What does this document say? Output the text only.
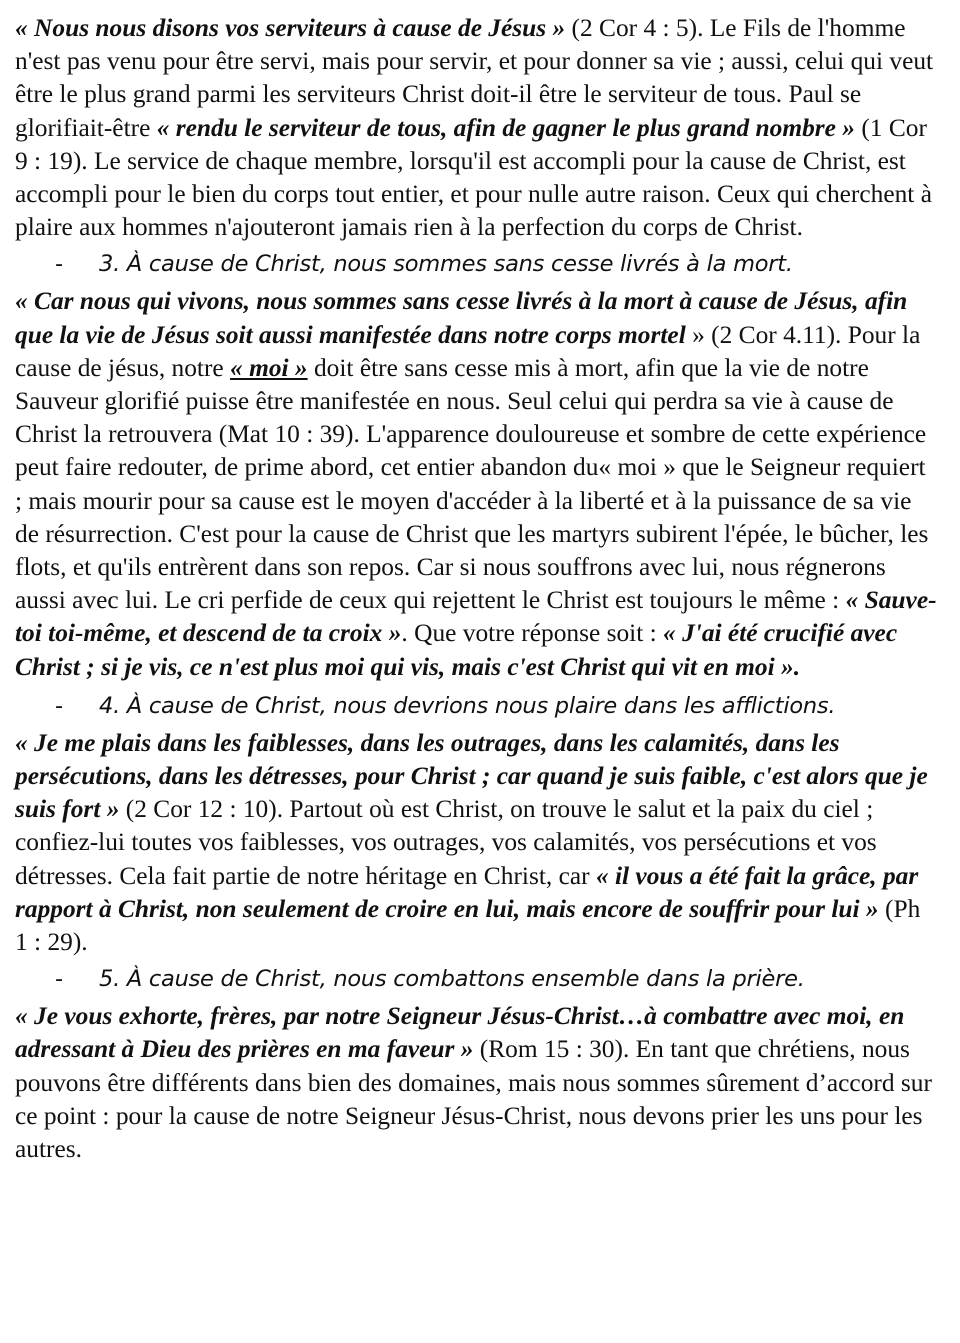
« Nous nous disons vos serviteurs à cause de Jésus » (2 Cor 4 : 5). Le Fils de l'homme n'est pas venu pour être servi, mais pour servir, et pour donner sa vie ; aussi, celui qui veut être le plus grand parmi les serviteurs Christ doit-il être le serviteur de tous. Paul se glorifiait-être « rendu le serviteur de tous, afin de gagner le plus grand nombre » (1 Cor 9 : 19). Le service de chaque membre, lorsqu'il est accompli pour la cause de Christ, est accompli pour le bien du corps tout entier, et pour nulle autre raison. Ceux qui cherchent à plaire aux hommes n'ajouteront jamais rien à la perfection du corps de Christ.

- 3. À cause de Christ, nous sommes sans cesse livrés à la mort.

« Car nous qui vivons, nous sommes sans cesse livrés à la mort à cause de Jésus, afin que la vie de Jésus soit aussi manifestée dans notre corps mortel » (2 Cor 4.11). Pour la cause de jésus, notre « moi » doit être sans cesse mis à mort, afin que la vie de notre Sauveur glorifié puisse être manifestée en nous. Seul celui qui perdra sa vie à cause de Christ la retrouvera (Mat 10 : 39). L'apparence douloureuse et sombre de cette expérience peut faire redouter, de prime abord, cet entier abandon du« moi » que le Seigneur requiert ; mais mourir pour sa cause est le moyen d'accéder à la liberté et à la puissance de sa vie de résurrection. C'est pour la cause de Christ que les martyrs subirent l'épée, le bûcher, les flots, et qu'ils entrèrent dans son repos. Car si nous souffrons avec lui, nous régnerons aussi avec lui. Le cri perfide de ceux qui rejettent le Christ est toujours le même : « Sauve-toi toi-même, et descend de ta croix ». Que votre réponse soit : « J'ai été crucifié avec Christ ; si je vis, ce n'est plus moi qui vis, mais c'est Christ qui vit en moi ».

- 4. À cause de Christ, nous devrions nous plaire dans les afflictions.

« Je me plais dans les faiblesses, dans les outrages, dans les calamités, dans les persécutions, dans les détresses, pour Christ ; car quand je suis faible, c'est alors que je suis fort » (2 Cor 12 : 10). Partout où est Christ, on trouve le salut et la paix du ciel ; confiez-lui toutes vos faiblesses, vos outrages, vos calamités, vos persécutions et vos détresses. Cela fait partie de notre héritage en Christ, car « il vous a été fait la grâce, par rapport à Christ, non seulement de croire en lui, mais encore de souffrir pour lui » (Ph 1 : 29).

- 5. À cause de Christ, nous combattons ensemble dans la prière.

« Je vous exhorte, frères, par notre Seigneur Jésus-Christ…à combattre avec moi, en adressant à Dieu des prières en ma faveur » (Rom 15 : 30). En tant que chrétiens, nous pouvons être différents dans bien des domaines, mais nous sommes sûrement d’accord sur ce point : pour la cause de notre Seigneur Jésus-Christ, nous devons prier les uns pour les autres.
